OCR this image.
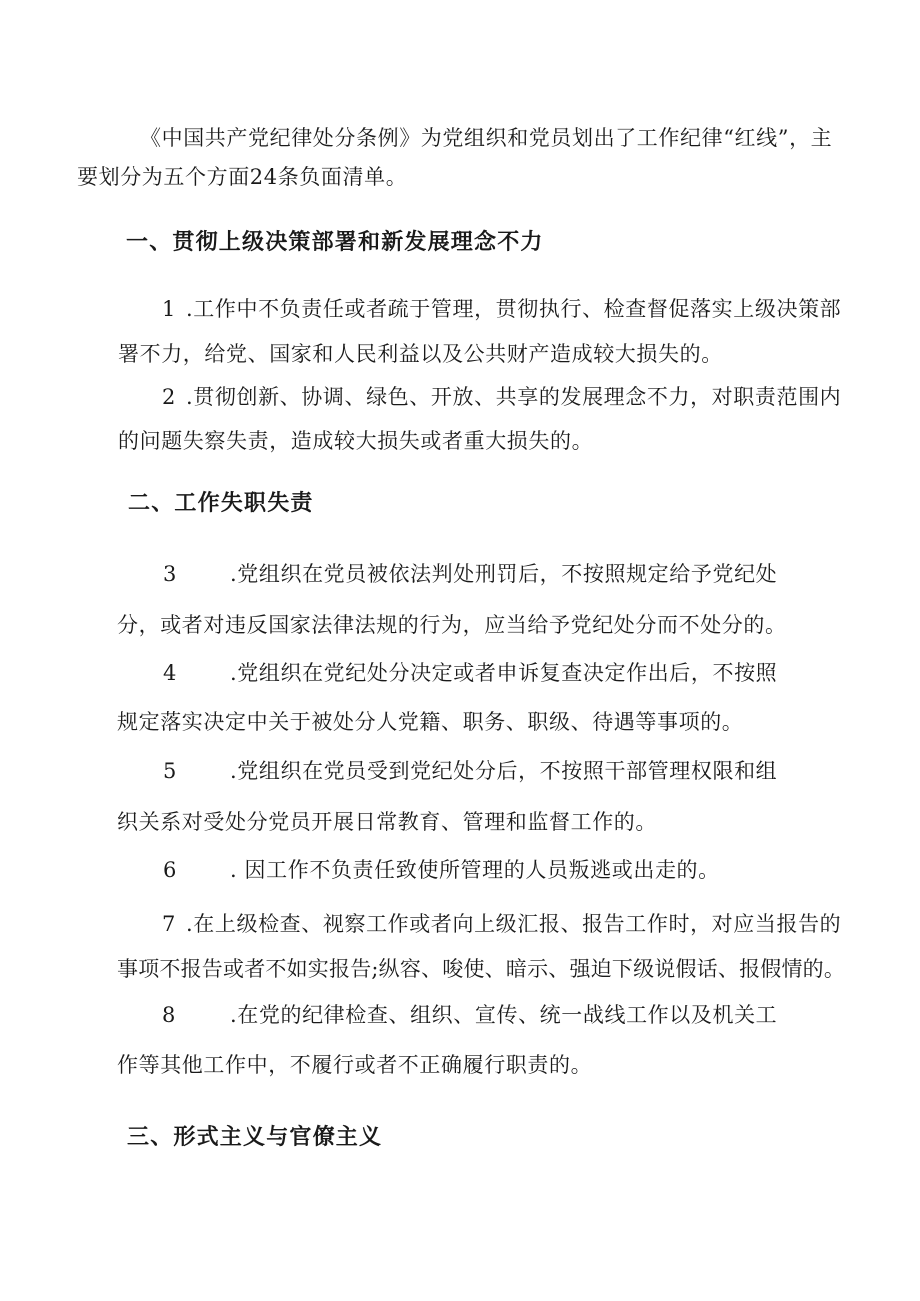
《中国共产党纪律处分条例》为党组织和党员划出了工作纪律“红线”，主

要划分为五个方面24条负面清单。

一、贯彻上级决策部署和新发展理念不力
1 .工作中不负责任或者疏于管理，贯彻执行、检查督促落实上级决策部
署不力，给党、国家和人民利益以及公共财产造成较大损失的。
2 .贯彻创新、协调、绿色、开放、共享的发展理念不力，对职责范围内
的问题失察失责，造成较大损失或者重大损失的。
二、工作失职失责
3	.党组织在党员被依法判处刑罚后，不按照规定给予党纪处
分，或者对违反国家法律法规的行为，应当给予党纪处分而不处分的。
4	.党组织在党纪处分决定或者申诉复查决定作出后，不按照
规定落实决定中关于被处分人党籍、职务、职级、待遇等事项的。
5	.党组织在党员受到党纪处分后，不按照干部管理权限和组
织关系对受处分党员开展日常教育、管理和监督工作的。
6	. 因工作不负责任致使所管理的人员叛逃或出走的。
7 .在上级检查、视察工作或者向上级汇报、报告工作时，对应当报告的
事项不报告或者不如实报告;纵容、唆使、暗示、强迫下级说假话、报假情的。
8	.在党的纪律检查、组织、宣传、统一战线工作以及机关工
作等其他工作中，不履行或者不正确履行职责的。
三、形式主义与官僚主义
